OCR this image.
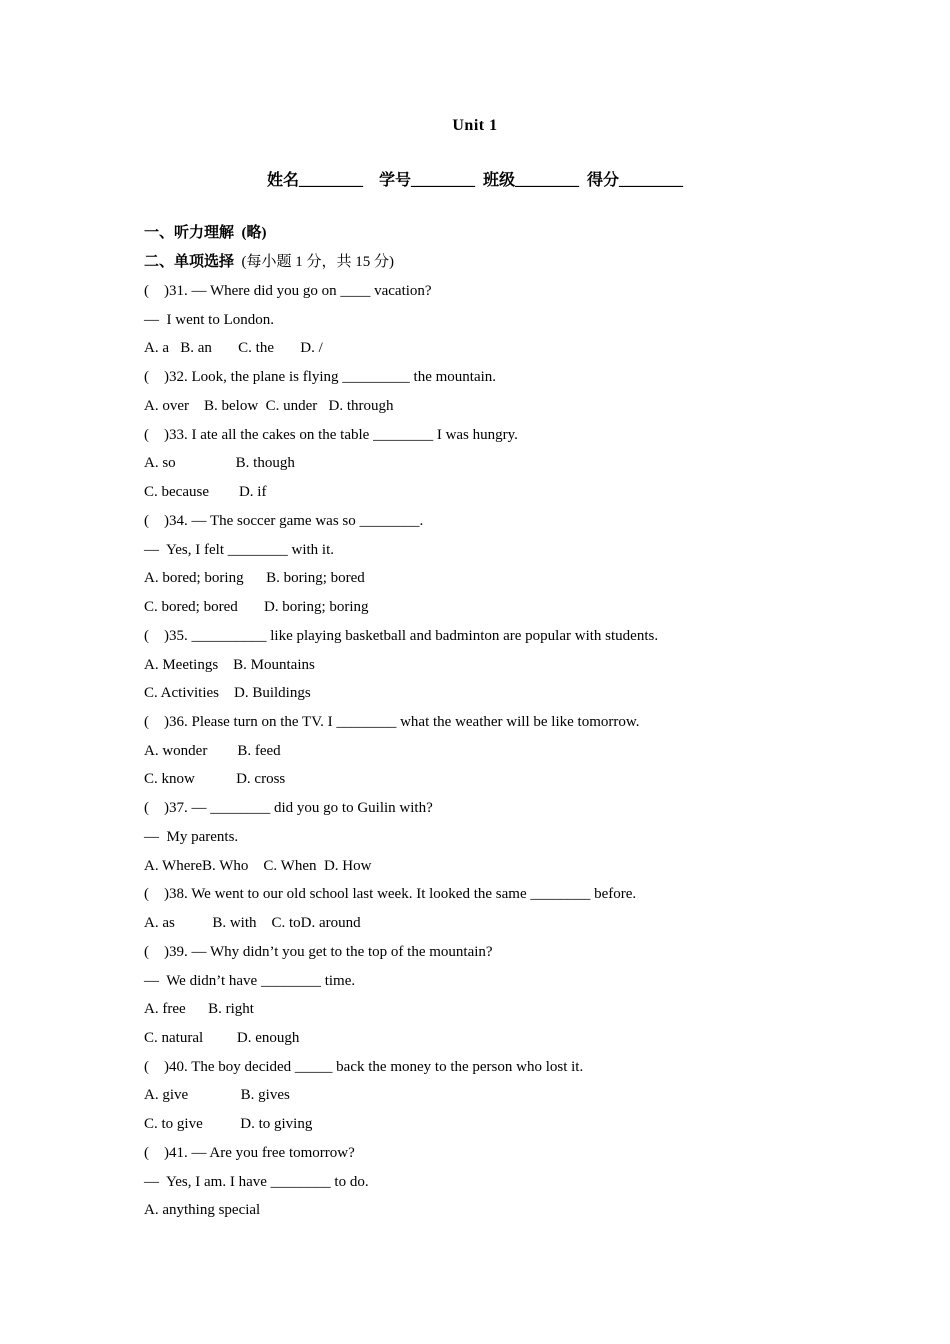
Unit 1
姓名________    学号________  班级________  得分________
一、听力理解  (略)
二、单项选择  (每小题 1 分，共 15 分)
(    )31. — Where did you go on ____ vacation?
—  I went to London.
A. a   B. an       C. the       D. /
(    )32. Look, the plane is flying _________ the mountain.
A. over    B. below  C. under   D. through
(    )33. I ate all the cakes on the table ________ I was hungry.
A. so                B. though
C. because        D. if
(    )34. — The soccer game was so ________.
—  Yes, I felt ________ with it.
A. bored; boring      B. boring; bored
C. bored; bored       D. boring; boring
(    )35. __________ like playing basketball and badminton are popular with students.
A. Meetings    B. Mountains
C. Activities    D. Buildings
(    )36. Please turn on the TV. I ________ what the weather will be like tomorrow.
A. wonder        B. feed
C. know           D. cross
(    )37. — ________ did you go to Guilin with?
—  My parents.
A. WhereB. Who    C. When  D. How
(    )38. We went to our old school last week. It looked the same ________ before.
A. as          B. with    C. toD. around
(    )39. — Why didn’t you get to the top of the mountain?
—  We didn’t have ________ time.
A. free      B. right
C. natural         D. enough
(    )40. The boy decided _____ back the money to the person who lost it.
A. give              B. gives
C. to give          D. to giving
(    )41. — Are you free tomorrow?
—  Yes, I am. I have ________ to do.
A. anything special
